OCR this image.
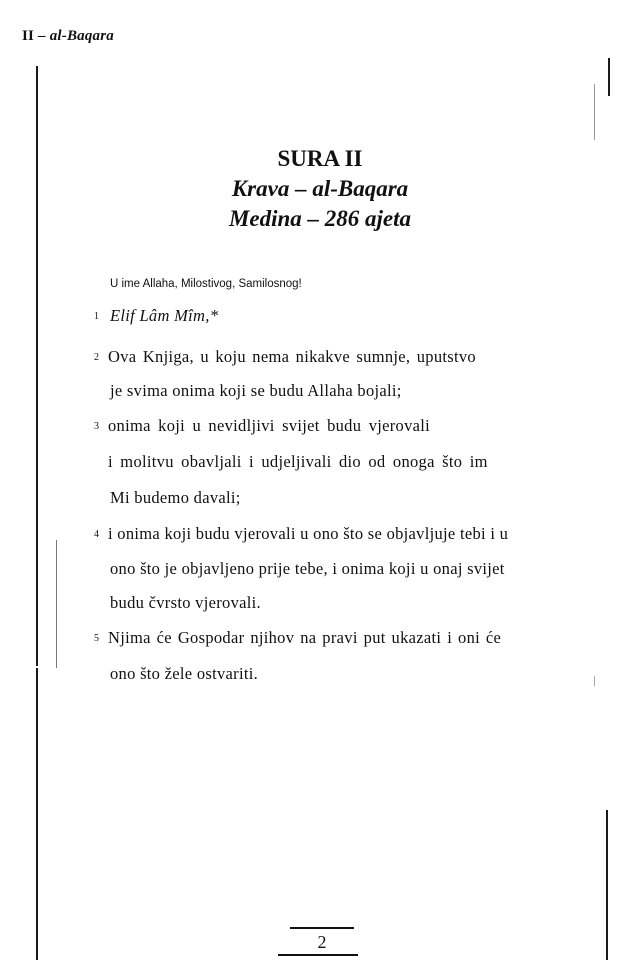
II – al-Baqara
SURA II
Krava – al-Baqara
Medina – 286 ajeta
U ime Allaha, Milostivog, Samilosnog!
1 Elif Lâm Mîm,*
2 Ova Knjiga, u koju nema nikakve sumnje, uputstvo
je svima onima koji se budu Allaha bojali;
3 onima koji u nevidljivi svijet budu vjerovali
i molitvu obavljali i udjeljivali dio od onoga što im
Mi budemo davali;
4 i onima koji budu vjerovali u ono što se objavljuje tebi i u
ono što je objavljeno prije tebe, i onima koji u onaj svijet
budu čvrsto vjerovali.
5 Njima će Gospodar njihov na pravi put ukazati i oni će
ono što žele ostvariti.
2
